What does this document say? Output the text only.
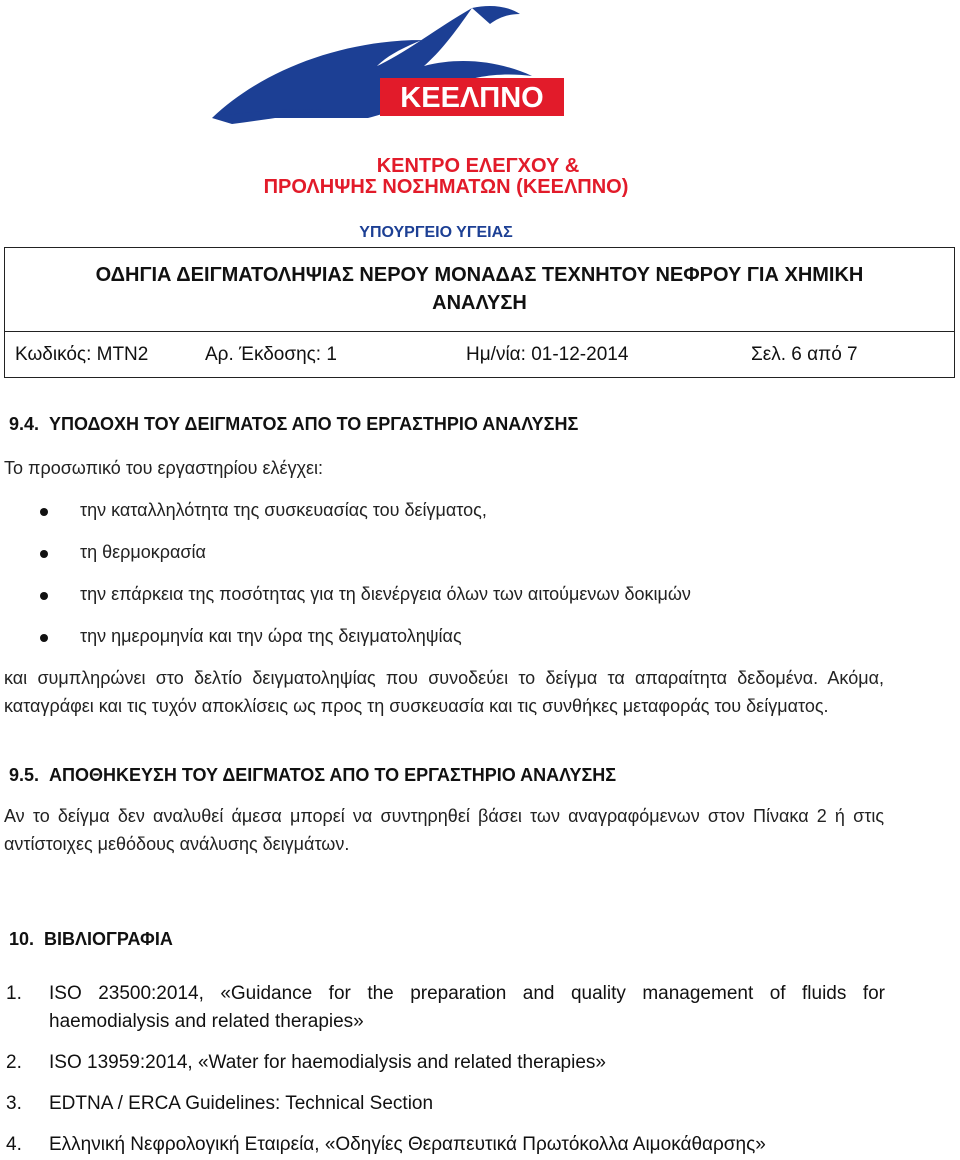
ΚΕΕΛΠΝΟ
ΚΕΝΤΡΟ ΕΛΕΓΧΟΥ &
ΠΡΟΛΗΨΗΣ ΝΟΣΗΜΑΤΩΝ (ΚΕΕΛΠΝΟ)
ΥΠΟΥΡΓΕΙΟ ΥΓΕΙΑΣ
ΟΔΗΓΙΑ ΔΕΙΓΜΑΤΟΛΗΨΙΑΣ ΝΕΡΟΥ ΜΟΝΑΔΑΣ ΤΕΧΝΗΤΟΥ ΝΕΦΡΟΥ ΓΙΑ ΧΗΜΙΚΗ
ΑΝΑΛΥΣΗ
Κωδικός: ΜΤΝ2	Αρ. Έκδοσης: 1	Ημ/νία: 01-12-2014	Σελ. 6 από 7
9.4. ΥΠΟΔΟΧΗ ΤΟΥ ΔΕΙΓΜΑΤΟΣ ΑΠΟ ΤΟ ΕΡΓΑΣΤΗΡΙΟ ΑΝΑΛΥΣΗΣ
Το προσωπικό του εργαστηρίου ελέγχει:
την καταλληλότητα της συσκευασίας του δείγματος,
τη θερμοκρασία
την επάρκεια της ποσότητας για τη διενέργεια όλων των αιτούμενων δοκιμών
την ημερομηνία και την ώρα της δειγματοληψίας
και συμπληρώνει στο δελτίο δειγματοληψίας που συνοδεύει το δείγμα τα απαραίτητα δεδομένα. Ακόμα, καταγράφει και τις τυχόν αποκλίσεις ως προς τη συσκευασία και τις συνθήκες μεταφοράς του δείγματος.
9.5. ΑΠΟΘΗΚΕΥΣΗ ΤΟΥ ΔΕΙΓΜΑΤΟΣ ΑΠΟ ΤΟ ΕΡΓΑΣΤΗΡΙΟ ΑΝΑΛΥΣΗΣ
Αν το δείγμα δεν αναλυθεί άμεσα μπορεί να συντηρηθεί βάσει των αναγραφόμενων στον Πίνακα 2 ή στις αντίστοιχες μεθόδους ανάλυσης δειγμάτων.
10. ΒΙΒΛΙΟΓΡΑΦΙΑ
1. ISO 23500:2014, «Guidance for the preparation and quality management of fluids for haemodialysis and related therapies»
2. ISO 13959:2014, «Water for haemodialysis and related therapies»
3. EDTNA / ERCA Guidelines: Technical Section
4. Ελληνική Νεφρολογική Εταιρεία, «Οδηγίες Θεραπευτικά Πρωτόκολλα Αιμοκάθαρσης»
